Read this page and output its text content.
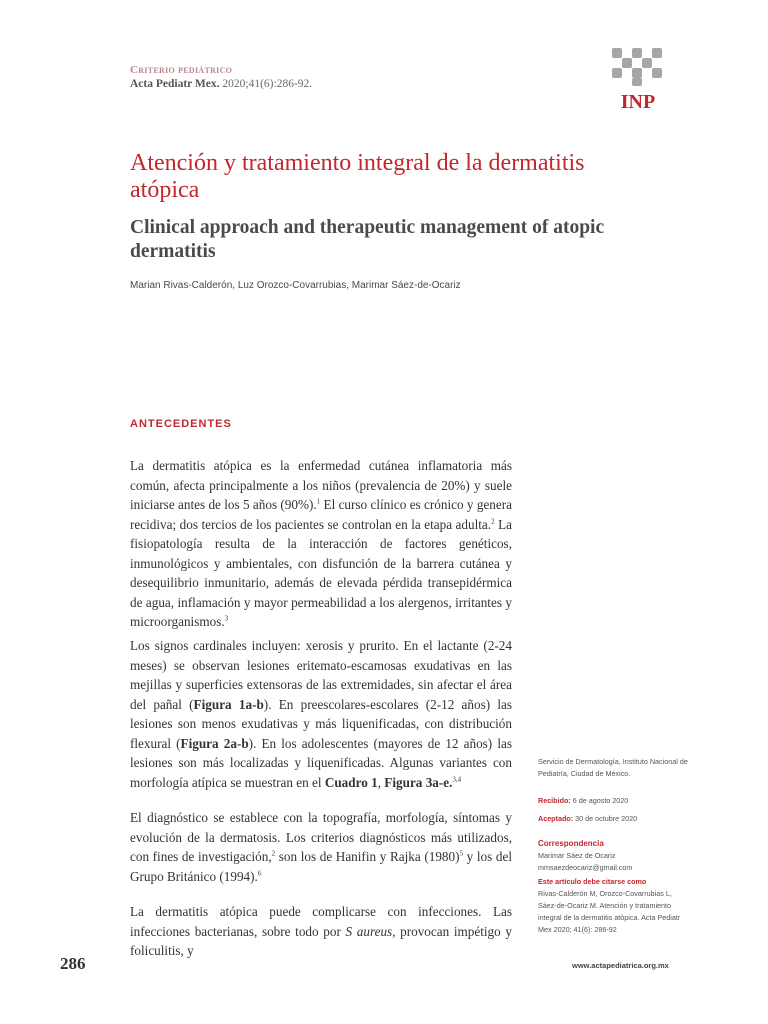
Criterio pediátrico
Acta Pediatr Mex. 2020;41(6):286-92.
INP
Atención y tratamiento integral de la dermatitis atópica
Clinical approach and therapeutic management of atopic dermatitis
Marian Rivas-Calderón, Luz Orozco-Covarrubias, Marimar Sáez-de-Ocariz
ANTECEDENTES

La dermatitis atópica es la enfermedad cutánea inflamatoria más común, afecta principalmente a los niños (prevalencia de 20%) y suele iniciarse antes de los 5 años (90%).$^1$ El curso clínico es crónico y genera recidiva; dos tercios de los pacientes se controlan en la etapa adulta.$^2$ La fisiopatología resulta de la interacción de factores genéticos, inmunológicos y ambientales, con disfunción de la barrera cutánea y desequilibrio inmunitario, además de elevada pérdida transepidérmica de agua, inflamación y mayor permeabilidad a los alergenos, irritantes y microorganismos.$^3$

Los signos cardinales incluyen: xerosis y prurito. En el lactante (2-24 meses) se observan lesiones eritemato-escamosas exudativas en las mejillas y superficies extensoras de las extremidades, sin afectar el área del pañal (Figura 1a-b). En preescolares-escolares (2-12 años) las lesiones son menos exudativas y más liquenificadas, con distribución flexural (Figura 2a-b). En los adolescentes (mayores de 12 años) las lesiones son más localizadas y liquenificadas. Algunas variantes con morfología atípica se muestran en el Cuadro 1, Figura 3a-e.$^{3,4}$

El diagnóstico se establece con la topografía, morfología, síntomas y evolución de la dermatosis. Los criterios diagnósticos más utilizados, con fines de investigación,$^2$ son los de Hanifin y Rajka $(1980)^5$ y los del Grupo Británico (1994).$^6$

La dermatitis atópica puede complicarse con infecciones. Las infecciones bacterianas, sobre todo por S aureus, provocan impétigo y foliculitis, y

Servicio de Dermatología, Instituto Nacional de Pediatría, Ciudad de México.

Recibido: 6 de agosto 2020

Aceptado: 30 de octubre 2020

Correspondencia

Marimar Sáez de Ocariz

mmsaezdeocariz@gmail.com

Este artículo debe citarse como

Rivas-Calderón M, Orozco-Covarrubias L, Sáez-de-Ocariz M. Atención y tratamiento integral de la dermatitis atópica. Acta Pediatr Mex 2020; 41(6): 286-92

286	www.actapediatrica.org.mx
